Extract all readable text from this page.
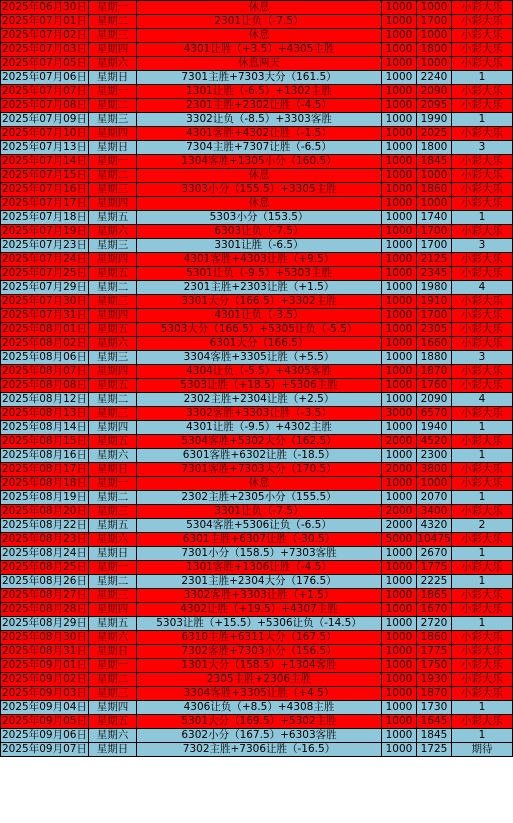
2025年06月30日	星期一	休息	1000	1000	小彩大乐
2025年07月01日	星期二	2301让负（-7.5）	1000	1700	小彩大乐
2025年07月02日	星期三	休息	1000	1000	小彩大乐
2025年07月03日	星期四	4301让胜（+3.5）+4305主胜	1000	1800	小彩大乐
2025年07月05日	星期六	休息两天	1000	1000	小彩大乐
2025年07月06日	星期日	7301主胜+7303大分（161.5）	1000	2240	1
2025年07月07日	星期一	1301让胜（-6.5）+1302主胜	1000	2090	小彩大乐
2025年07月08日	星期二	2301主胜+2302让胜（-4.5）	1000	2095	小彩大乐
2025年07月09日	星期三	3302让负（-8.5）+3303客胜	1000	1990	1
2025年07月10日	星期四	4301客胜+4302让胜（-1.5）	1000	2025	小彩大乐
2025年07月13日	星期日	7304主胜+7307让胜（-6.5）	1000	1800	3
2025年07月14日	星期一	1304客胜+1305小分（160.5）	1000	1845	小彩大乐
2025年07月15日	星期二	休息	1000	1000	小彩大乐
2025年07月16日	星期三	3303小分（155.5）+3305主胜	1000	1860	小彩大乐
2025年07月17日	星期四	休息	1000	1000	小彩大乐
2025年07月18日	星期五	5303小分（153.5）	1000	1740	1
2025年07月19日	星期六	6303让负（-7.5）	1000	1700	小彩大乐
2025年07月23日	星期三	3301让胜（-6.5）	1000	1700	3
2025年07月24日	星期四	4301客胜+4303让胜（+9.5）	1000	2125	小彩大乐
2025年07月25日	星期五	5301让负（-9.5）+5303主胜	1000	2345	小彩大乐
2025年07月29日	星期二	2301主胜+2303让胜（+1.5）	1000	1980	4
2025年07月30日	星期三	3301大分（166.5）+3302主胜	1000	1910	小彩大乐
2025年07月31日	星期四	4301让负（-3.5）	1000	1700	小彩大乐
2025年08月01日	星期五	5303大分（166.5）+5305让负（-5.5）	1000	2305	小彩大乐
2025年08月02日	星期六	6301大分（166.5）	1000	1660	小彩大乐
2025年08月06日	星期三	3304客胜+3305让胜（+5.5）	1000	1880	3
2025年08月07日	星期四	4304让负（-5.5）+4305客胜	1000	1870	小彩大乐
2025年08月08日	星期五	5303让胜（+18.5）+5306主胜	1000	1760	小彩大乐
2025年08月12日	星期二	2302主胜+2304让胜（+2.5）	1000	2090	4
2025年08月13日	星期三	3302客胜+3303让胜（-3.5）	3000	6570	小彩大乐
2025年08月14日	星期四	4301让胜（-9.5）+4302主胜	1000	1940	1
2025年08月15日	星期五	5304客胜+5302大分（162.5）	2000	4520	小彩大乐
2025年08月16日	星期六	6301客胜+6302让胜（-18.5）	1000	2300	1
2025年08月17日	星期日	7301客胜+7303大分（170.5）	2000	3800	小彩大乐
2025年08月18日	星期一	休息	1000	1000	小彩大乐
2025年08月19日	星期二	2302主胜+2305小分（155.5）	1000	2070	1
2025年08月20日	星期三	3301让负（-7.5）	2000	3400	小彩大乐
2025年08月22日	星期五	5304客胜+5306让负（-6.5）	2000	4320	2
2025年08月23日	星期六	6301主胜+6307让胜（-30.5）	5000	10475	小彩大乐
2025年08月24日	星期日	7301小分（158.5）+7303客胜	1000	2670	1
2025年08月25日	星期一	1301客胜+1306让胜（-4.5）	1000	1775	小彩大乐
2025年08月26日	星期二	2301主胜+2304大分（176.5）	1000	2225	1
2025年08月27日	星期三	3302客胜+3303让胜（+1.5）	1000	1865	小彩大乐
2025年08月28日	星期四	4302让胜（+19.5）+4307主胜	1000	1670	小彩大乐
2025年08月29日	星期五	5303让胜（+15.5）+5306让负（-14.5）	1000	2720	1
2025年08月30日	星期六	6310主胜+6311大分（167.5）	1000	1860	小彩大乐
2025年08月31日	星期日	7302客胜+7303小分（156.5）	1000	1775	小彩大乐
2025年09月01日	星期一	1301大分（158.5）+1304客胜	1000	1750	小彩大乐
2025年09月02日	星期二	2305主胜+2306主胜	1000	1930	小彩大乐
2025年09月03日	星期三	3304客胜+3305让胜（+4.5）	1000	1870	小彩大乐
2025年09月04日	星期四	4306让负（+8.5）+4308主胜	1000	1730	1
2025年09月05日	星期五	5301大分（169.5）+5302主胜	1000	1645	小彩大乐
2025年09月06日	星期六	6302小分（167.5）+6303客胜	1000	1845	1
2025年09月07日	星期日	7302主胜+7306让胜（-16.5）	1000	1725	期待
